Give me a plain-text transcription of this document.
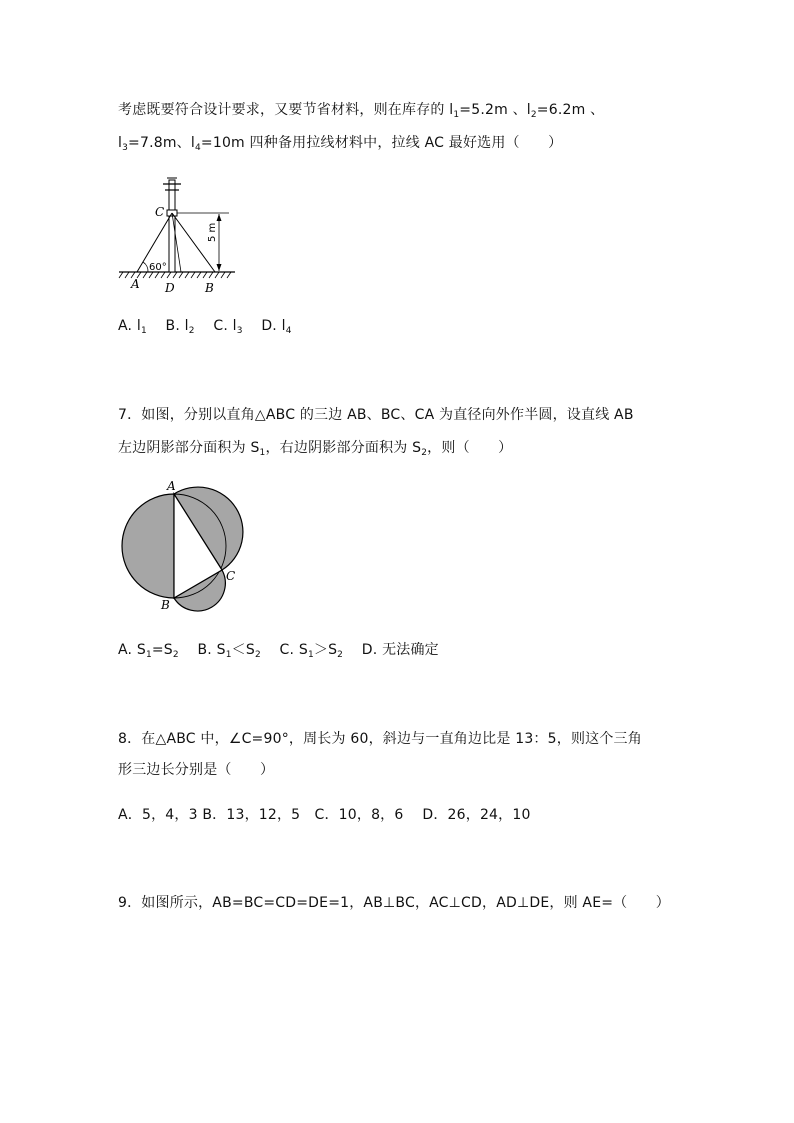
考虑既要符合设计要求，又要节省材料，则在库存的 $l_1=5.2m$ 、$l_2=6.2m$ 、
$l_3=7.8m$、$l_4=10m$ 四种备用拉线材料中，拉线 AC 最好选用（　　）
C
60°
5 m
A D	B
A. $l_1$ B. $l_2$ C. $l_3$ D. $l_4$
7．如图，分别以直角△ABC 的三边 AB、BC、CA 为直径向外作半圆，设直线 AB
左边阴影部分面积为 $S_1$，右边阴影部分面积为 $S_2$，则（　　）
A
B
C
A. $S_1=S_2$ B. $S_1<S_2$ C. $S_1>S_2$ D. 无法确定
8．在△ABC 中，∠C=90°，周长为 60，斜边与一直角边比是 13：5，则这个三角
形三边长分别是（　　）
A．5，4，3 B．13，12，5　C．10，8，6　 D．26，24，10
9．如图所示，AB=BC=CD=DE=1，AB⊥BC，AC⊥CD，AD⊥DE，则 AE=（　　）
